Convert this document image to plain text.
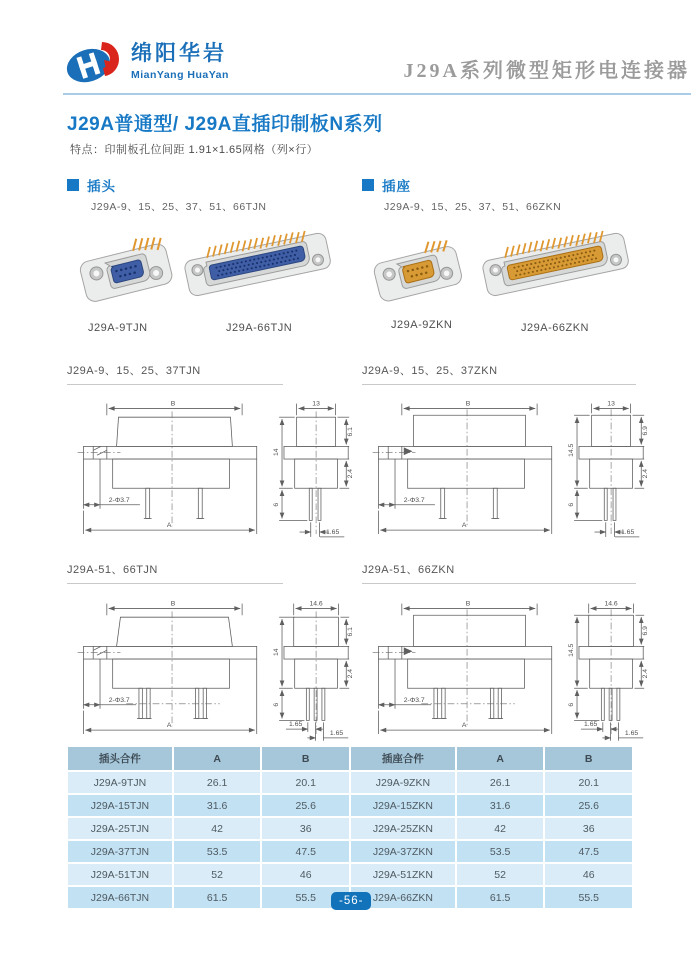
绵阳华岩
MianYang HuaYan	J29A系列微型矩形电连接器
J29A普通型/ J29A直插印制板N系列
特点：印制板孔位间距 1.91×1.65网格（列×行）
插头	插座
J29A-9、15、25、37、51、66TJN	J29A-9、15、25、37、51、66ZKN
J29A-9TJN	J29A-66TJN	J29A-9ZKN	J29A-66ZKN
J29A-9、15、25、37TJN	J29A-9、15、25、37ZKN
B
A
2-Φ3.7
13
14
6
6.1
2.4
1.65
B
A
2-Φ3.7
13
14.5
6
6.9
2.4
1.65
J29A-51、66TJN	J29A-51、66ZKN
B
A
2-Φ3.7
14.6
14
6
6.1
2.4
1.65
1.65
B
A
2-Φ3.7
14.6
14.5
6
6.9
2.4
1.65
1.65
插头合件	A	B	插座合件	A	B
J29A-9TJN	26.1	20.1	J29A-9ZKN	26.1	20.1
J29A-15TJN	31.6	25.6	J29A-15ZKN	31.6	25.6
J29A-25TJN	42	36	J29A-25ZKN	42	36
J29A-37TJN	53.5	47.5	J29A-37ZKN	53.5	47.5
J29A-51TJN	52	46	J29A-51ZKN	52	46
J29A-66TJN	61.5	55.5	J29A-66ZKN	61.5	55.5
-56-
